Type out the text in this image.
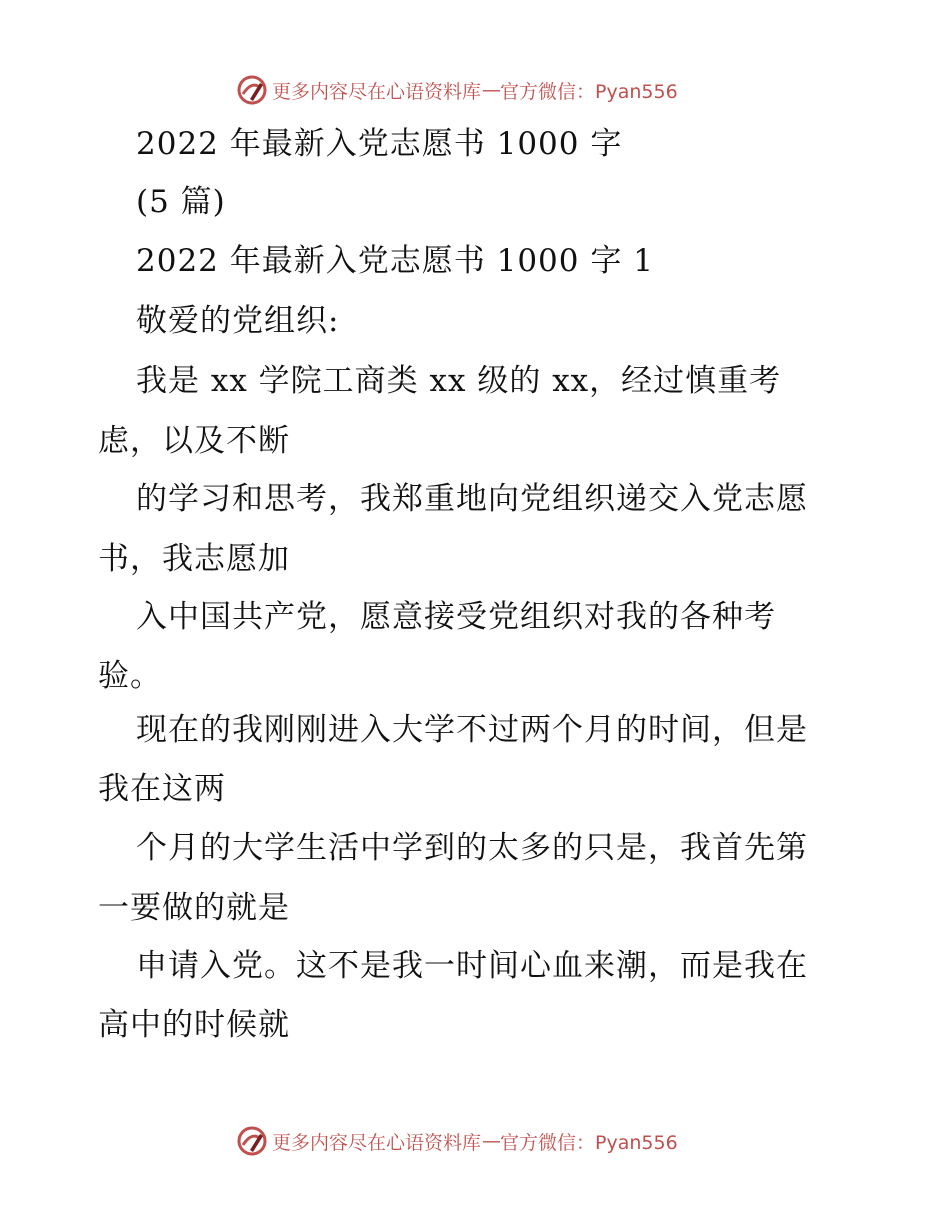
更多内容尽在心语资料库 — 官方微信：Pyan556
2022 年最新入党志愿书 1000 字
(5 篇)
2022 年最新入党志愿书 1000 字 1
敬爱的党组织:
我是 xx 学院工商类 xx 级的 xx，经过慎重考
虑，以及不断
的学习和思考，我郑重地向党组织递交入党志愿
书，我志愿加
入中国共产党，愿意接受党组织对我的各种考
验。
现在的我刚刚进入大学不过两个月的时间，但是
我在这两
个月的大学生活中学到的太多的只是，我首先第
一要做的就是
申请入党。这不是我一时间心血来潮，而是我在
高中的时候就
更多内容尽在心语资料库 — 官方微信：Pyan556
